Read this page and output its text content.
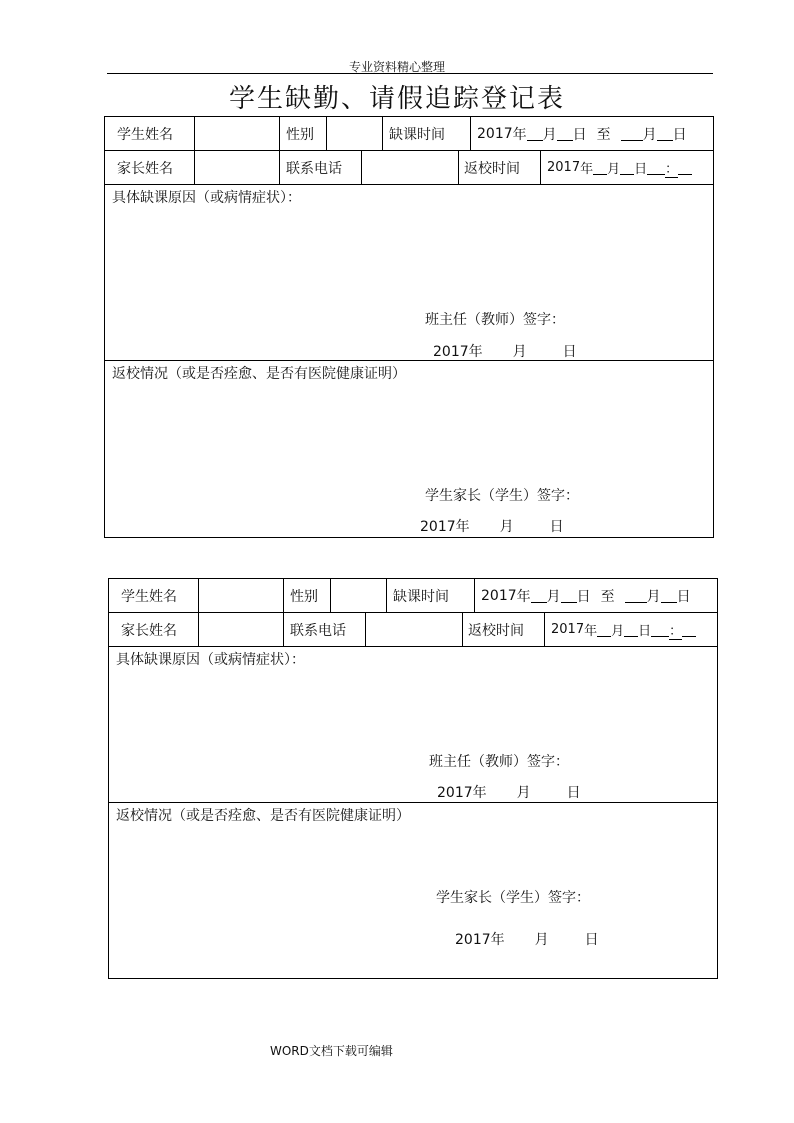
专业资料精心整理
学生缺勤、请假追踪登记表
学生姓名	性别	缺课时间	2017 年 月 日 至 月 日
家长姓名	联系电话	返校时间	2017 年 月 日 ：
具体缺课原因（或病情症状）：
班主任（教师）签字：
2017年 月	日
返校情况（或是否痊愈、是否有医院健康证明）
学生家长（学生）签字：
2017年 月	日
学生姓名	性别	缺课时间	2017 年 月 日 至 月 日
家长姓名	联系电话	返校时间	2017 年 月 日 ：
具体缺课原因（或病情症状）：
班主任（教师）签字：
2017年 月	日
返校情况（或是否痊愈、是否有医院健康证明）
学生家长（学生）签字：
2017年 月	日
WORD文档下载可编辑
